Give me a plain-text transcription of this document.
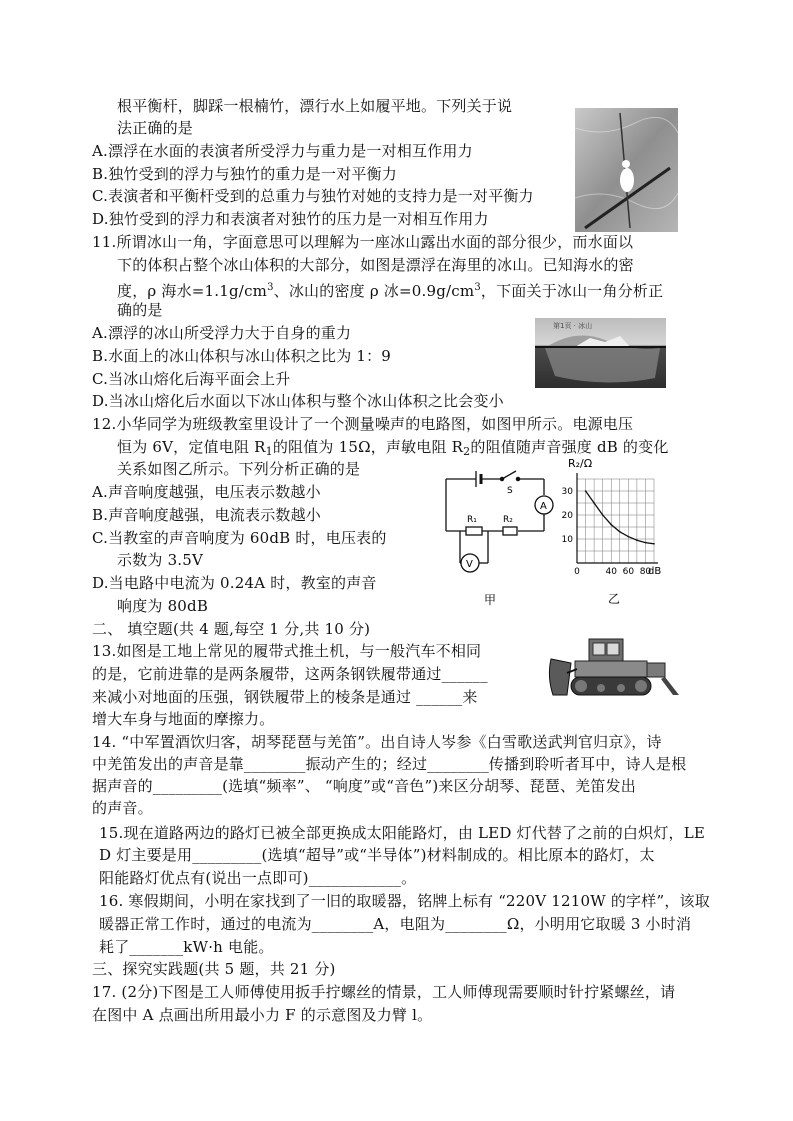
根平衡杆，脚踩一根楠竹，漂行水上如履平地。下列关于说
法正确的是
A.漂浮在水面的表演者所受浮力与重力是一对相互作用力
B.独竹受到的浮力与独竹的重力是一对平衡力
C.表演者和平衡杆受到的总重力与独竹对她的支持力是一对平衡力
D.独竹受到的浮力和表演者对独竹的压力是一对相互作用力
11.所谓冰山一角，字面意思可以理解为一座冰山露出水面的部分很少，而水面以
下的体积占整个冰山体积的大部分，如图是漂浮在海里的冰山。已知海水的密
度，ρ 海水$=1.1g/cm^3$、冰山的密度 ρ 冰$=0.9g/cm^3$，下面关于冰山一角分析正
确的是
A.漂浮的冰山所受浮力大于自身的重力
B.水面上的冰山体积与冰山体积之比为 1：9
C.当冰山熔化后海平面会上升
D.当冰山熔化后水面以下冰山体积与整个冰山体积之比会变小
第1页 · 冰山
12.小华同学为班级教室里设计了一个测量噪声的电路图，如图甲所示。电源电压
恒为 6V，定值电阻 $R_1$的阻值为 15Ω，声敏电阻 $R_2$的阻值随声音强度 dB 的变化
关系如图乙所示。下列分析正确的是
A.声音响度越强，电压表示数越小
B.声音响度越强，电流表示数越小
C.当教室的声音响度为 60dB 时，电压表的
示数为 3.5V
D.当电路中电流为 0.24A 时，教室的声音
响度为 80dB
S
A
R₁	R₂
V
甲
R₂/Ω
dB
乙
10
20
30
0	40 60 80
二、 填空题(共 4 题,每空 1 分,共 10 分)
13.如图是工地上常见的履带式推土机，与一般汽车不相同
的是，它前进靠的是两条履带，这两条钢铁履带通过______
来减小对地面的压强，钢铁履带上的棱条是通过 ______来
增大车身与地面的摩擦力。
14. “中军置酒饮归客，胡琴琵琶与羌笛”。出自诗人岑参《白雪歌送武判官归京》，诗
中羌笛发出的声音是靠________振动产生的；经过________传播到聆听者耳中，诗人是根
据声音的_________(选填“频率”、 “响度”或“音色”)来区分胡琴、琵琶、羌笛发出
的声音。
15.现在道路两边的路灯已被全部更换成太阳能路灯，由 LED 灯代替了之前的白炽灯，LE
D 灯主要是用_________(选填“超导”或“半导体”)材料制成的。相比原本的路灯，太
阳能路灯优点有(说出一点即可)____________。
16. 寒假期间，小明在家找到了一旧的取暖器，铭牌上标有 “220V 1210W 的字样”，该取
暖器正常工作时，通过的电流为________A，电阻为________Ω，小明用它取暖 3 小时消
耗了_______kW·h 电能。
三、探究实践题(共 5 题，共 21 分)
17. (2分)下图是工人师傅使用扳手拧螺丝的情景，工人师傅现需要顺时针拧紧螺丝，请
在图中 A 点画出所用最小力 F 的示意图及力臂 l。
